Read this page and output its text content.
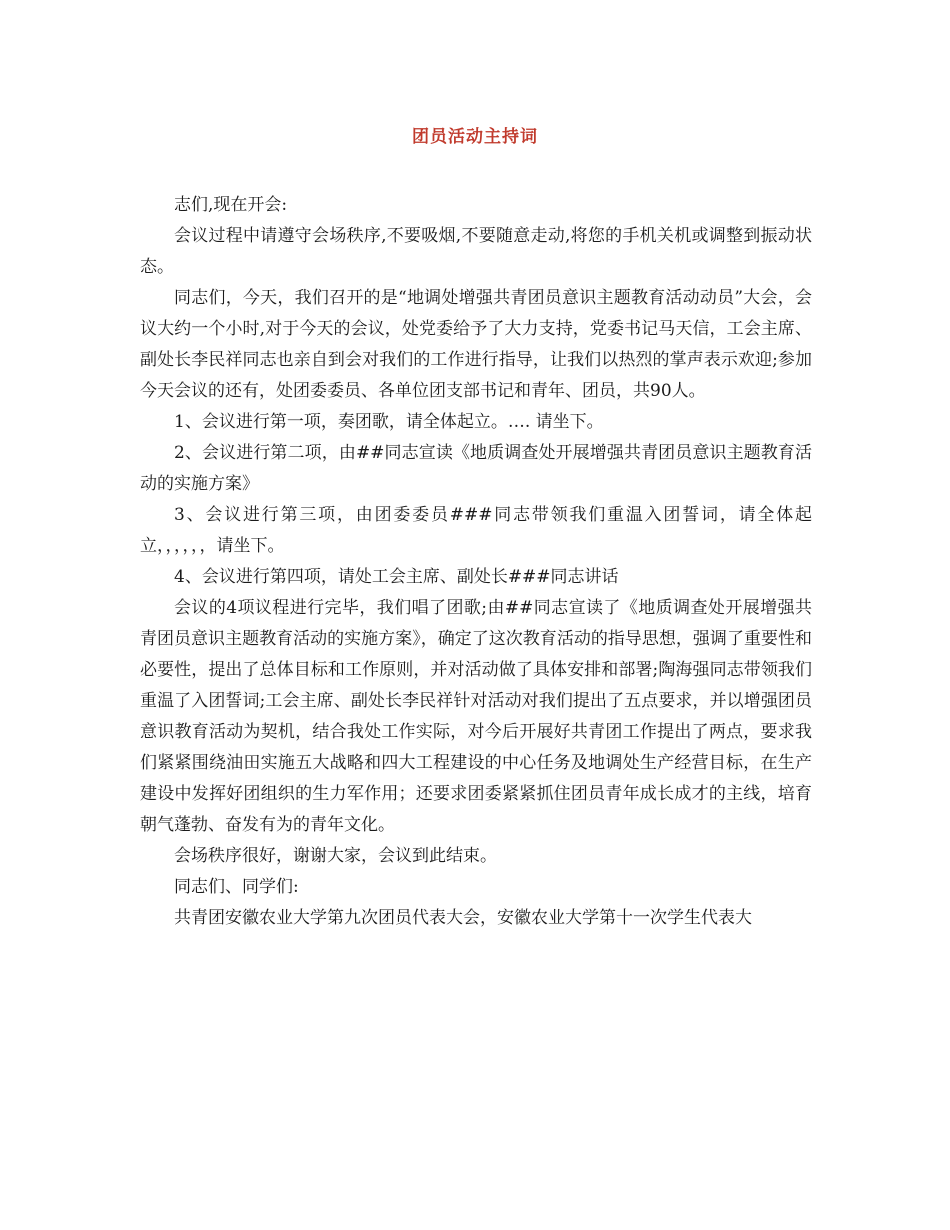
团员活动主持词

志们,现在开会:

会议过程中请遵守会场秩序,不要吸烟,不要随意走动,将您的手机关机或调整到振动状态。

同志们，今天，我们召开的是“地调处增强共青团员意识主题教育活动动员”大会，会议大约一个小时,对于今天的会议，处党委给予了大力支持，党委书记马天信，工会主席、副处长李民祥同志也亲自到会对我们的工作进行指导，让我们以热烈的掌声表示欢迎;参加今天会议的还有，处团委委员、各单位团支部书记和青年、团员，共90人。

1、会议进行第一项，奏团歌，请全体起立。…. 请坐下。

2、会议进行第二项，由##同志宣读《地质调查处开展增强共青团员意识主题教育活动的实施方案》

3、会议进行第三项，由团委委员###同志带领我们重温入团誓词，请全体起立，，，，，，请坐下。

4、会议进行第四项，请处工会主席、副处长###同志讲话

会议的4项议程进行完毕，我们唱了团歌;由##同志宣读了《地质调查处开展增强共青团员意识主题教育活动的实施方案》，确定了这次教育活动的指导思想，强调了重要性和必要性，提出了总体目标和工作原则，并对活动做了具体安排和部署;陶海强同志带领我们重温了入团誓词;工会主席、副处长李民祥针对活动对我们提出了五点要求，并以增强团员意识教育活动为契机，结合我处工作实际，对今后开展好共青团工作提出了两点，要求我们紧紧围绕油田实施五大战略和四大工程建设的中心任务及地调处生产经营目标，在生产建设中发挥好团组织的生力军作用；还要求团委紧紧抓住团员青年成长成才的主线，培育朝气蓬勃、奋发有为的青年文化。

会场秩序很好，谢谢大家，会议到此结束。

同志们、同学们:

共青团安徽农业大学第九次团员代表大会，安徽农业大学第十一次学生代表大
